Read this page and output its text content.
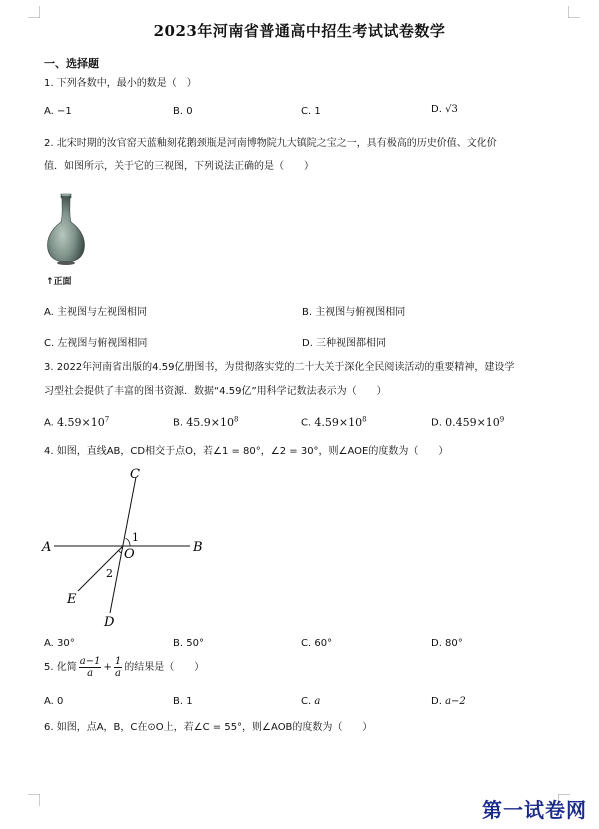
2023年河南省普通高中招生考试试卷数学
一、选择题
1. 下列各数中，最小的数是（　）
A. −1	B. 0	C. 1	D. √3
2. 北宋时期的汝官窑天蓝釉刻花鹅颈瓶是河南博物院九大镇院之宝之一，具有极高的历史价值、文化价
值．如图所示，关于它的三视图，下列说法正确的是（　　）
↑正面
A. 主视图与左视图相同	B. 主视图与俯视图相同
C. 左视图与俯视图相同	D. 三种视图都相同
3. 2022年河南省出版的4.59亿册图书，为贯彻落实党的二十大关于深化全民阅读活动的重要精神，建设学
习型社会提供了丰富的图书资源．数据“4.59亿”用科学记数法表示为（　　）
A. $4.59\times 10^7$	B. $45.9\times 10^8$	C. $4.59\times 10^8$	D. $0.459\times 10^9$
4. 如图，直线AB，CD相交于点O，若∠1 = 80°，∠2 = 30°，则∠AOE的度数为（　　）
A	B
C
D
E
O
1
2
A. 30°	B. 50°	C. 60°	D. 80°
5. 化简 $\frac{a-1}{a} + \frac{1}{a}$ 的结果是（　　）
A. 0	B. 1	C. a	D. a−2
6. 如图，点A，B，C在⊙O上，若∠C = 55°，则∠AOB的度数为（　　）
第一试卷网
